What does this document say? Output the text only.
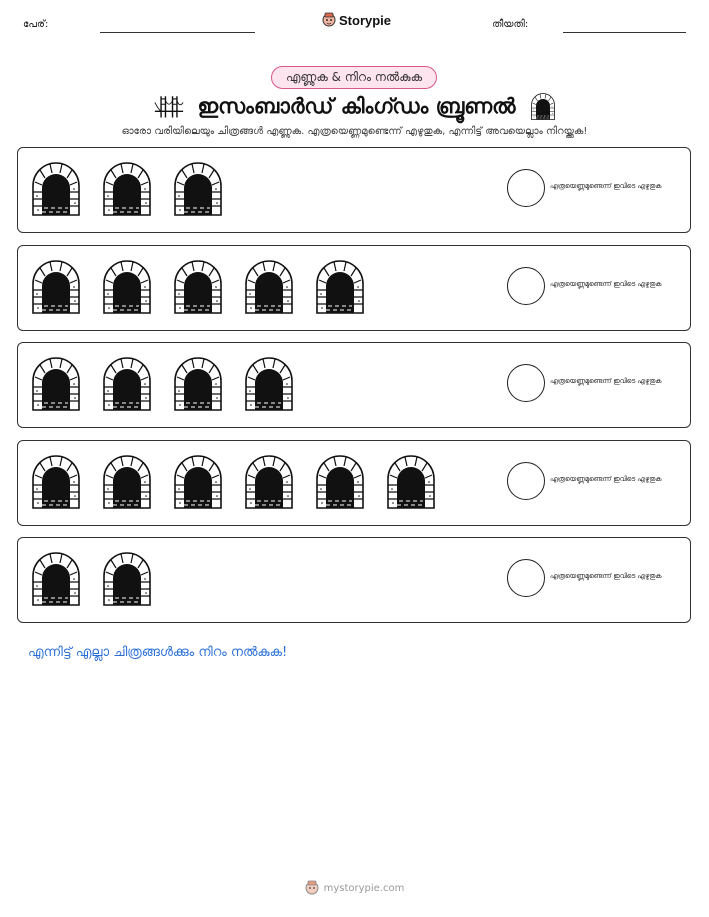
പേര്:	Storypie	തീയതി:
എണ്ണുക & നിറം നൽകുക
ഇസംബാർഡ് കിംഗ്ഡം ബ്രൂണൽ
ഓരോ വരിയിലെയും ചിത്രങ്ങൾ എണ്ണുക. എത്രയെണ്ണമുണ്ടെന്ന് എഴുതുക, എന്നിട്ട് അവയെല്ലാം നിറയ്ക്കുക!
എത്രയെണ്ണമുണ്ടെന്ന് ഇവിടെ എഴുതുക
എത്രയെണ്ണമുണ്ടെന്ന് ഇവിടെ എഴുതുക
എത്രയെണ്ണമുണ്ടെന്ന് ഇവിടെ എഴുതുക
എത്രയെണ്ണമുണ്ടെന്ന് ഇവിടെ എഴുതുക
എത്രയെണ്ണമുണ്ടെന്ന് ഇവിടെ എഴുതുക
എന്നിട്ട് എല്ലാ ചിത്രങ്ങൾക്കും നിറം നൽകുക!
mystorypie.com
